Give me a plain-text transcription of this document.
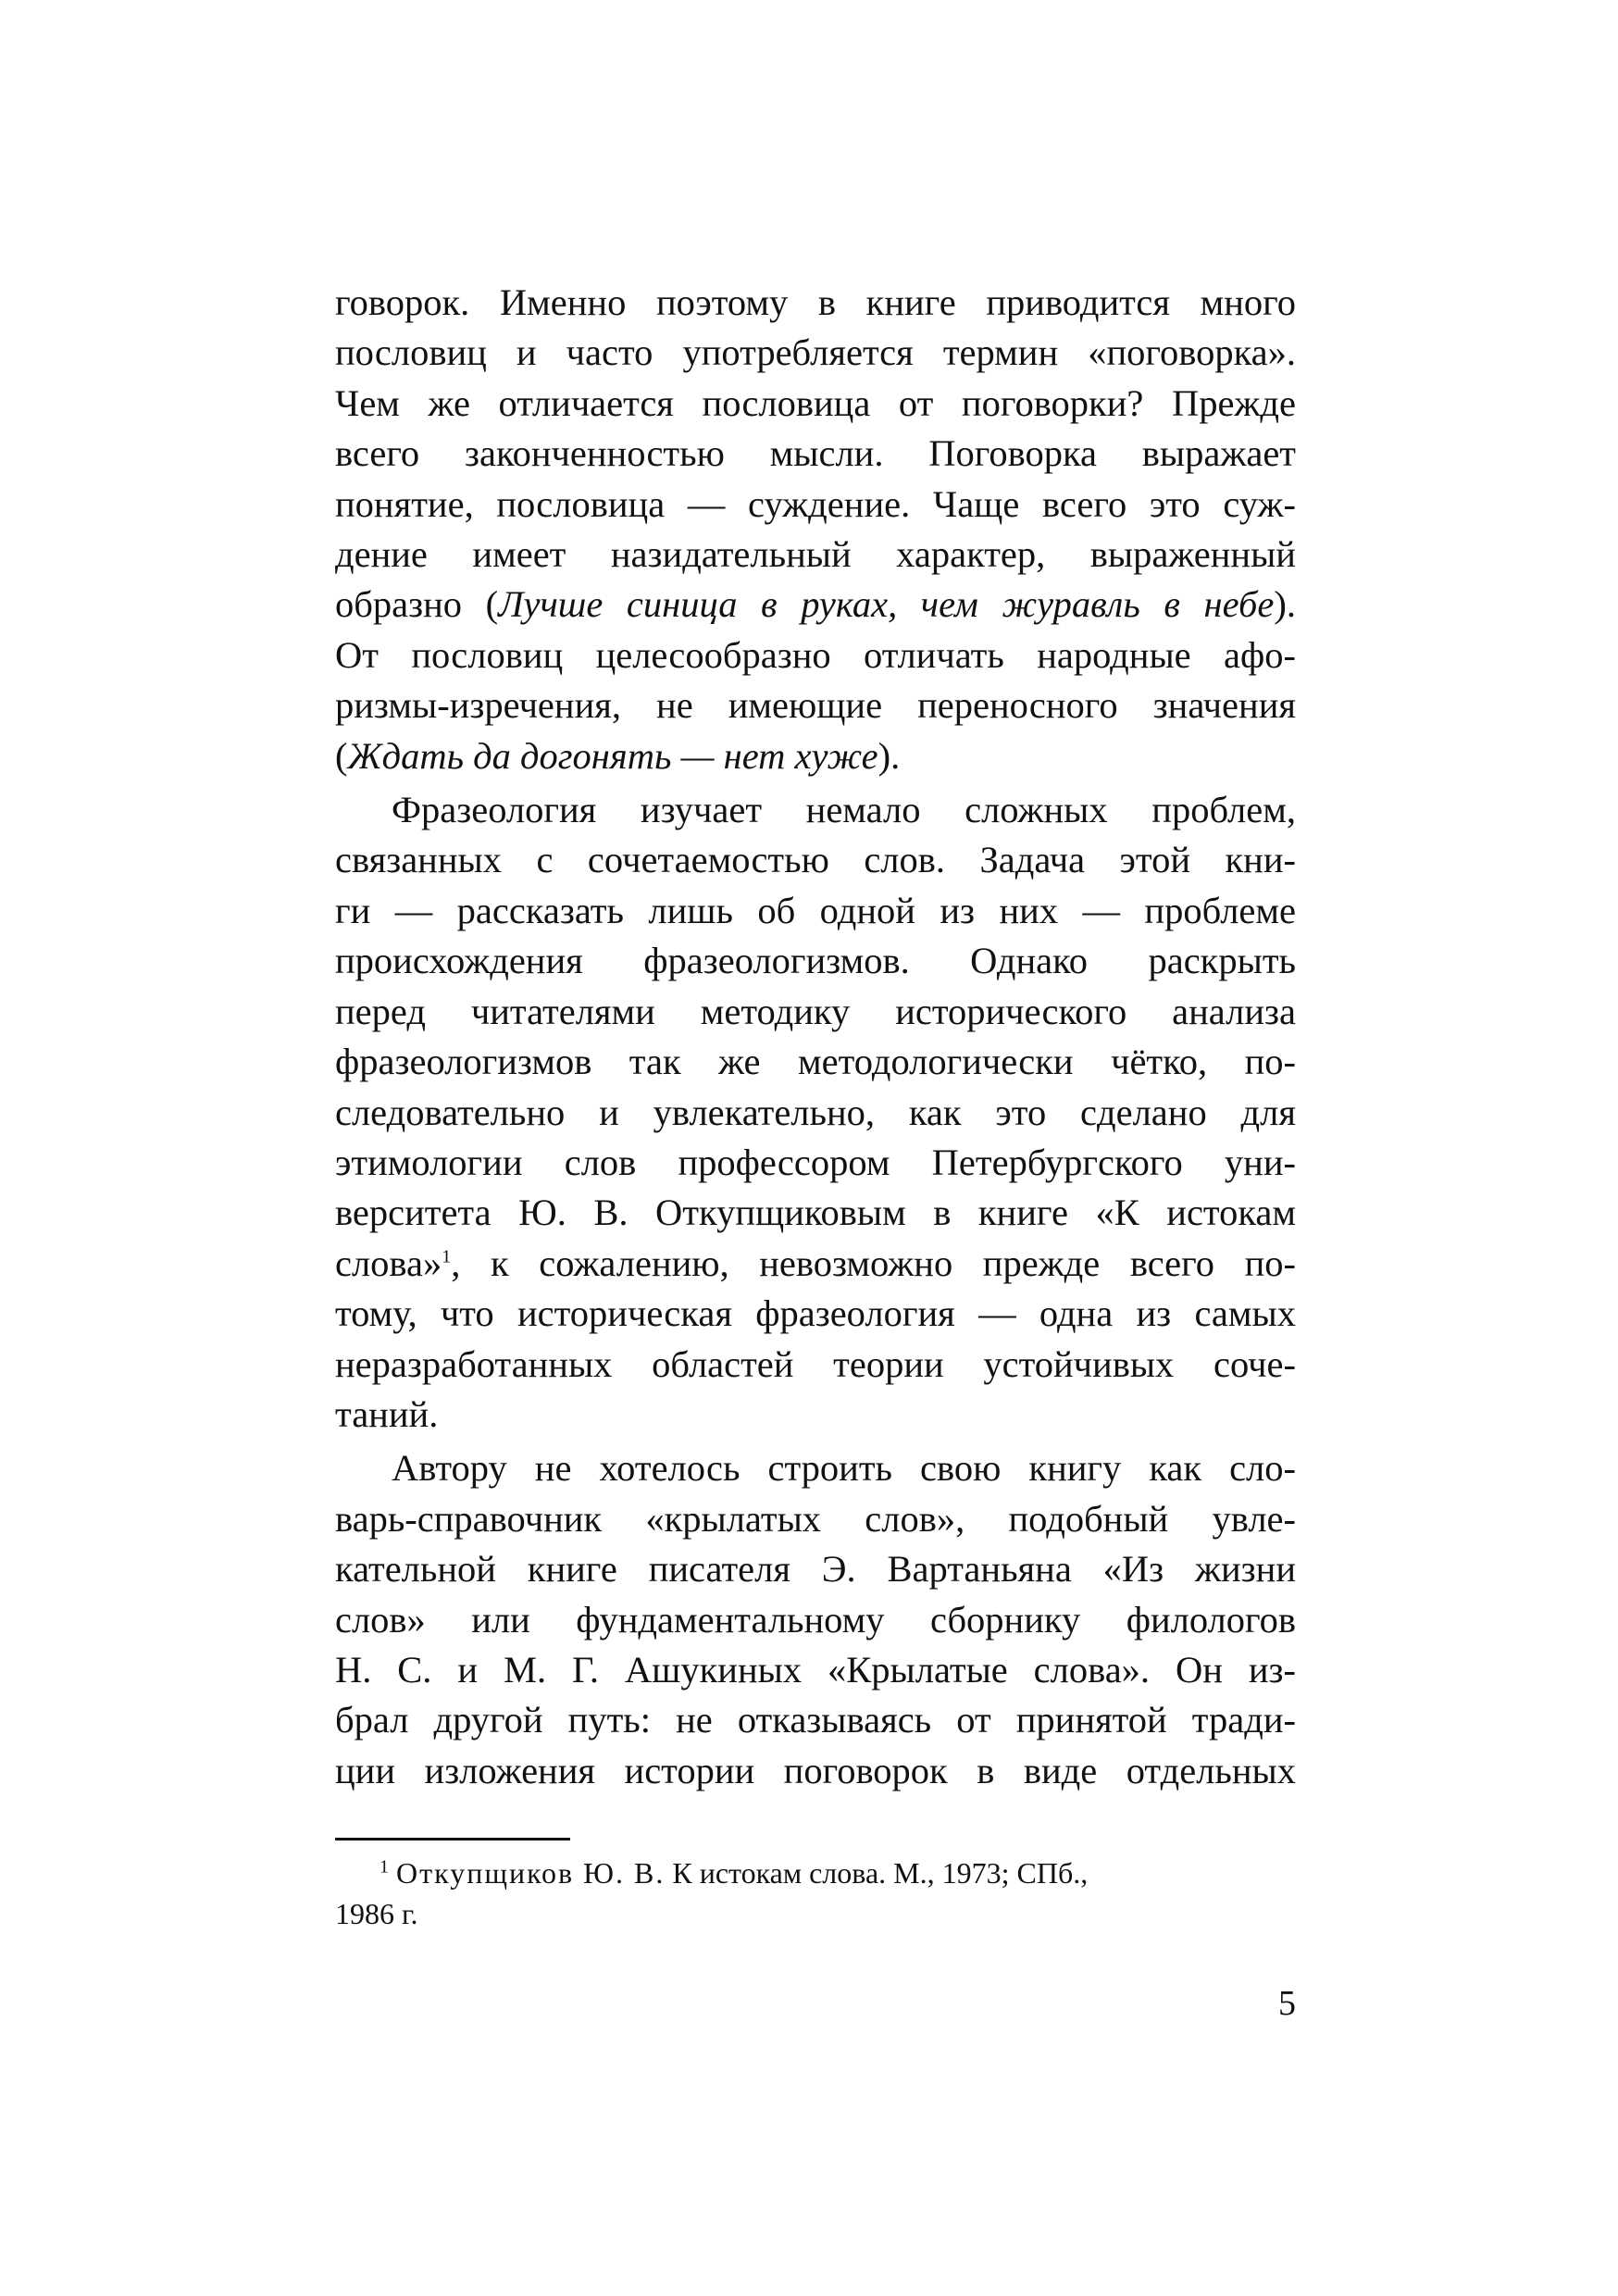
говорок. Именно поэтому в книге приводится много
пословиц и часто употребляется термин «поговорка».
Чем же отличается пословица от поговорки? Прежде
всего законченностью мысли. Поговорка выражает
понятие, пословица — суждение. Чаще всего это суж-
дение имеет назидательный характер, выраженный
образно (Лучше синица в руках, чем журавль в небе).
От пословиц целесообразно отличать народные афо-
ризмы-изречения, не имеющие переносного значения
(Ждать да догонять — нет хуже).

Фразеология изучает немало сложных проблем,
связанных с сочетаемостью слов. Задача этой кни-
ги — рассказать лишь об одной из них — проблеме
происхождения фразеологизмов. Однако раскрыть
перед читателями методику исторического анализа
фразеологизмов так же методологически чётко, по-
следовательно и увлекательно, как это сделано для
этимологии слов профессором Петербургского уни-
верситета Ю. В. Откупщиковым в книге «К истокам
слова»$^1$, к сожалению, невозможно прежде всего по-
тому, что историческая фразеология — одна из самых
неразработанных областей теории устойчивых соче-
таний.

Автору не хотелось строить свою книгу как сло-
варь-справочник «крылатых слов», подобный увле-
кательной книге писателя Э. Вартаньяна «Из жизни
слов» или фундаментальному сборнику филологов
Н. С. и М. Г. Ашукиных «Крылатые слова». Он из-
брал другой путь: не отказываясь от принятой тради-
ции изложения истории поговорок в виде отдельных

$^1$ Откупщиков Ю. В. К истокам слова. М., 1973; СПб.,
1986 г.
5
